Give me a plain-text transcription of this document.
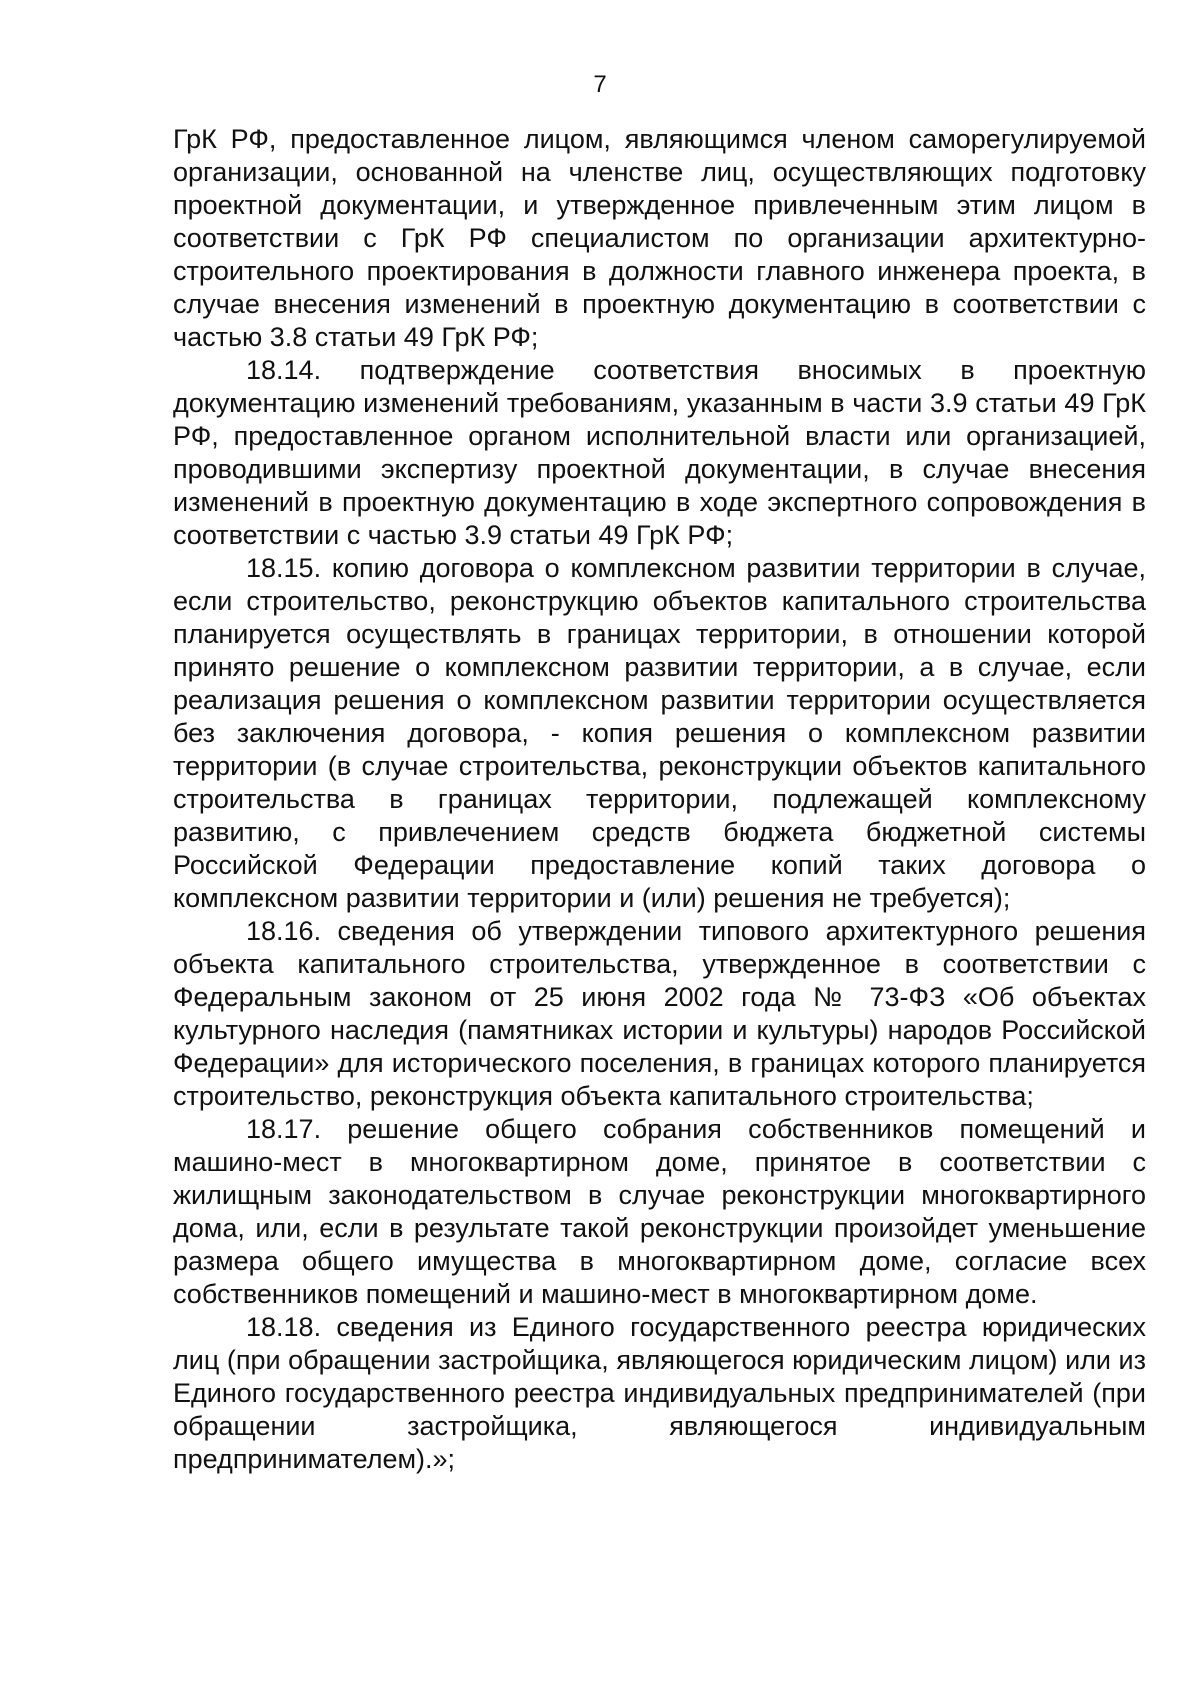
7

ГрК РФ, предоставленное лицом, являющимся членом саморегулируемой организации, основанной на членстве лиц, осуществляющих подготовку проектной документации, и утвержденное привлеченным этим лицом в соответствии с ГрК РФ специалистом по организации архитектурно-строительного проектирования в должности главного инженера проекта, в случае внесения изменений в проектную документацию в соответствии с частью 3.8 статьи 49 ГрК РФ;

18.14. подтверждение соответствия вносимых в проектную документацию изменений требованиям, указанным в части 3.9 статьи 49 ГрК РФ, предоставленное органом исполнительной власти или организацией, проводившими экспертизу проектной документации, в случае внесения изменений в проектную документацию в ходе экспертного сопровождения в соответствии с частью 3.9 статьи 49 ГрК РФ;

18.15. копию договора о комплексном развитии территории в случае, если строительство, реконструкцию объектов капитального строительства планируется осуществлять в границах территории, в отношении которой принято решение о комплексном развитии территории, а в случае, если реализация решения о комплексном развитии территории осуществляется без заключения договора, - копия решения о комплексном развитии территории (в случае строительства, реконструкции объектов капитального строительства в границах территории, подлежащей комплексному развитию, с привлечением средств бюджета бюджетной системы Российской Федерации предоставление копий таких договора о комплексном развитии территории и (или) решения не требуется);

18.16. сведения об утверждении типового архитектурного решения объекта капитального строительства, утвержденное в соответствии с Федеральным законом от 25 июня 2002 года № 73-ФЗ «Об объектах культурного наследия (памятниках истории и культуры) народов Российской Федерации» для исторического поселения, в границах которого планируется строительство, реконструкция объекта капитального строительства;

18.17. решение общего собрания собственников помещений и машино-мест в многоквартирном доме, принятое в соответствии с жилищным законодательством в случае реконструкции многоквартирного дома, или, если в результате такой реконструкции произойдет уменьшение размера общего имущества в многоквартирном доме, согласие всех собственников помещений и машино-мест в многоквартирном доме.

18.18. сведения из Единого государственного реестра юридических лиц (при обращении застройщика, являющегося юридическим лицом) или из Единого государственного реестра индивидуальных предпринимателей (при обращении застройщика, являющегося индивидуальным предпринимателем).»;
